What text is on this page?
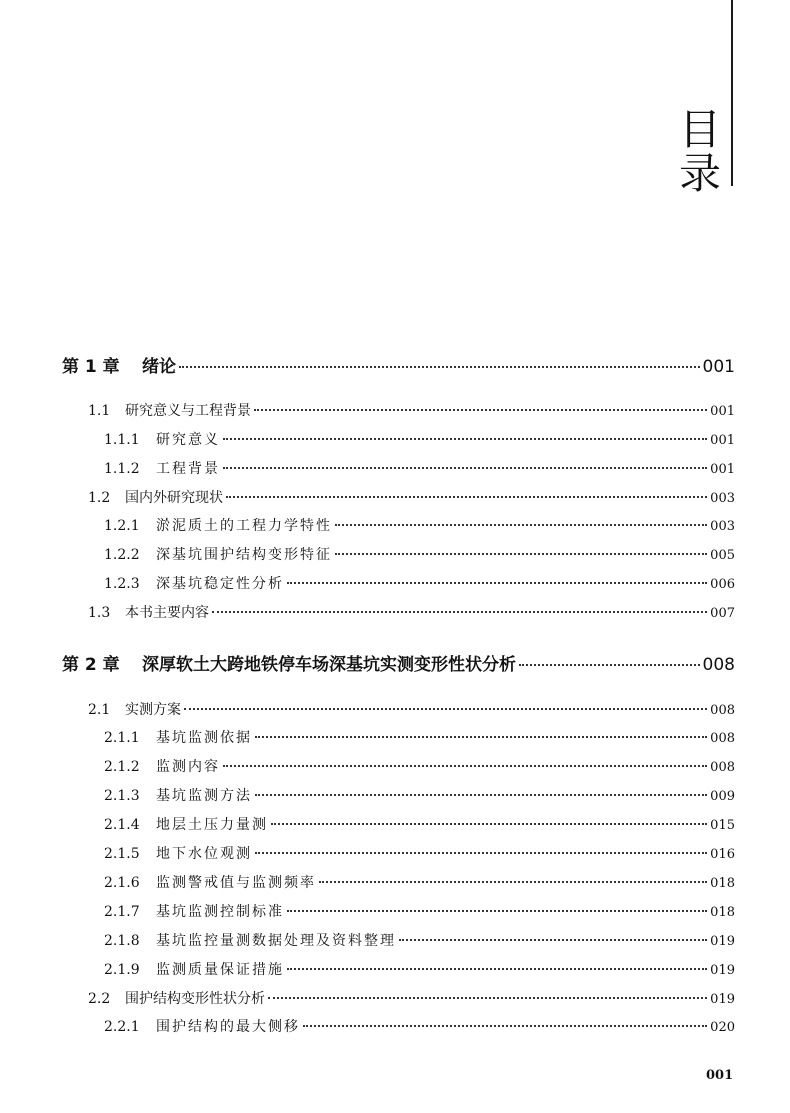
目
录
第 1 章	绪论	001
1.1	研究意义与工程背景	001
1.1.1	研究意义	001
1.1.2	工程背景	001
1.2	国内外研究现状	003
1.2.1	淤泥质土的工程力学特性	003
1.2.2	深基坑围护结构变形特征	005
1.2.3	深基坑稳定性分析	006
1.3	本书主要内容	007
第 2 章	深厚软土大跨地铁停车场深基坑实测变形性状分析	008
2.1	实测方案	008
2.1.1	基坑监测依据	008
2.1.2	监测内容	008
2.1.3	基坑监测方法	009
2.1.4	地层土压力量测	015
2.1.5	地下水位观测	016
2.1.6	监测警戒值与监测频率	018
2.1.7	基坑监测控制标准	018
2.1.8	基坑监控量测数据处理及资料整理	019
2.1.9	监测质量保证措施	019
2.2	围护结构变形性状分析	019
2.2.1	围护结构的最大侧移	020
001
